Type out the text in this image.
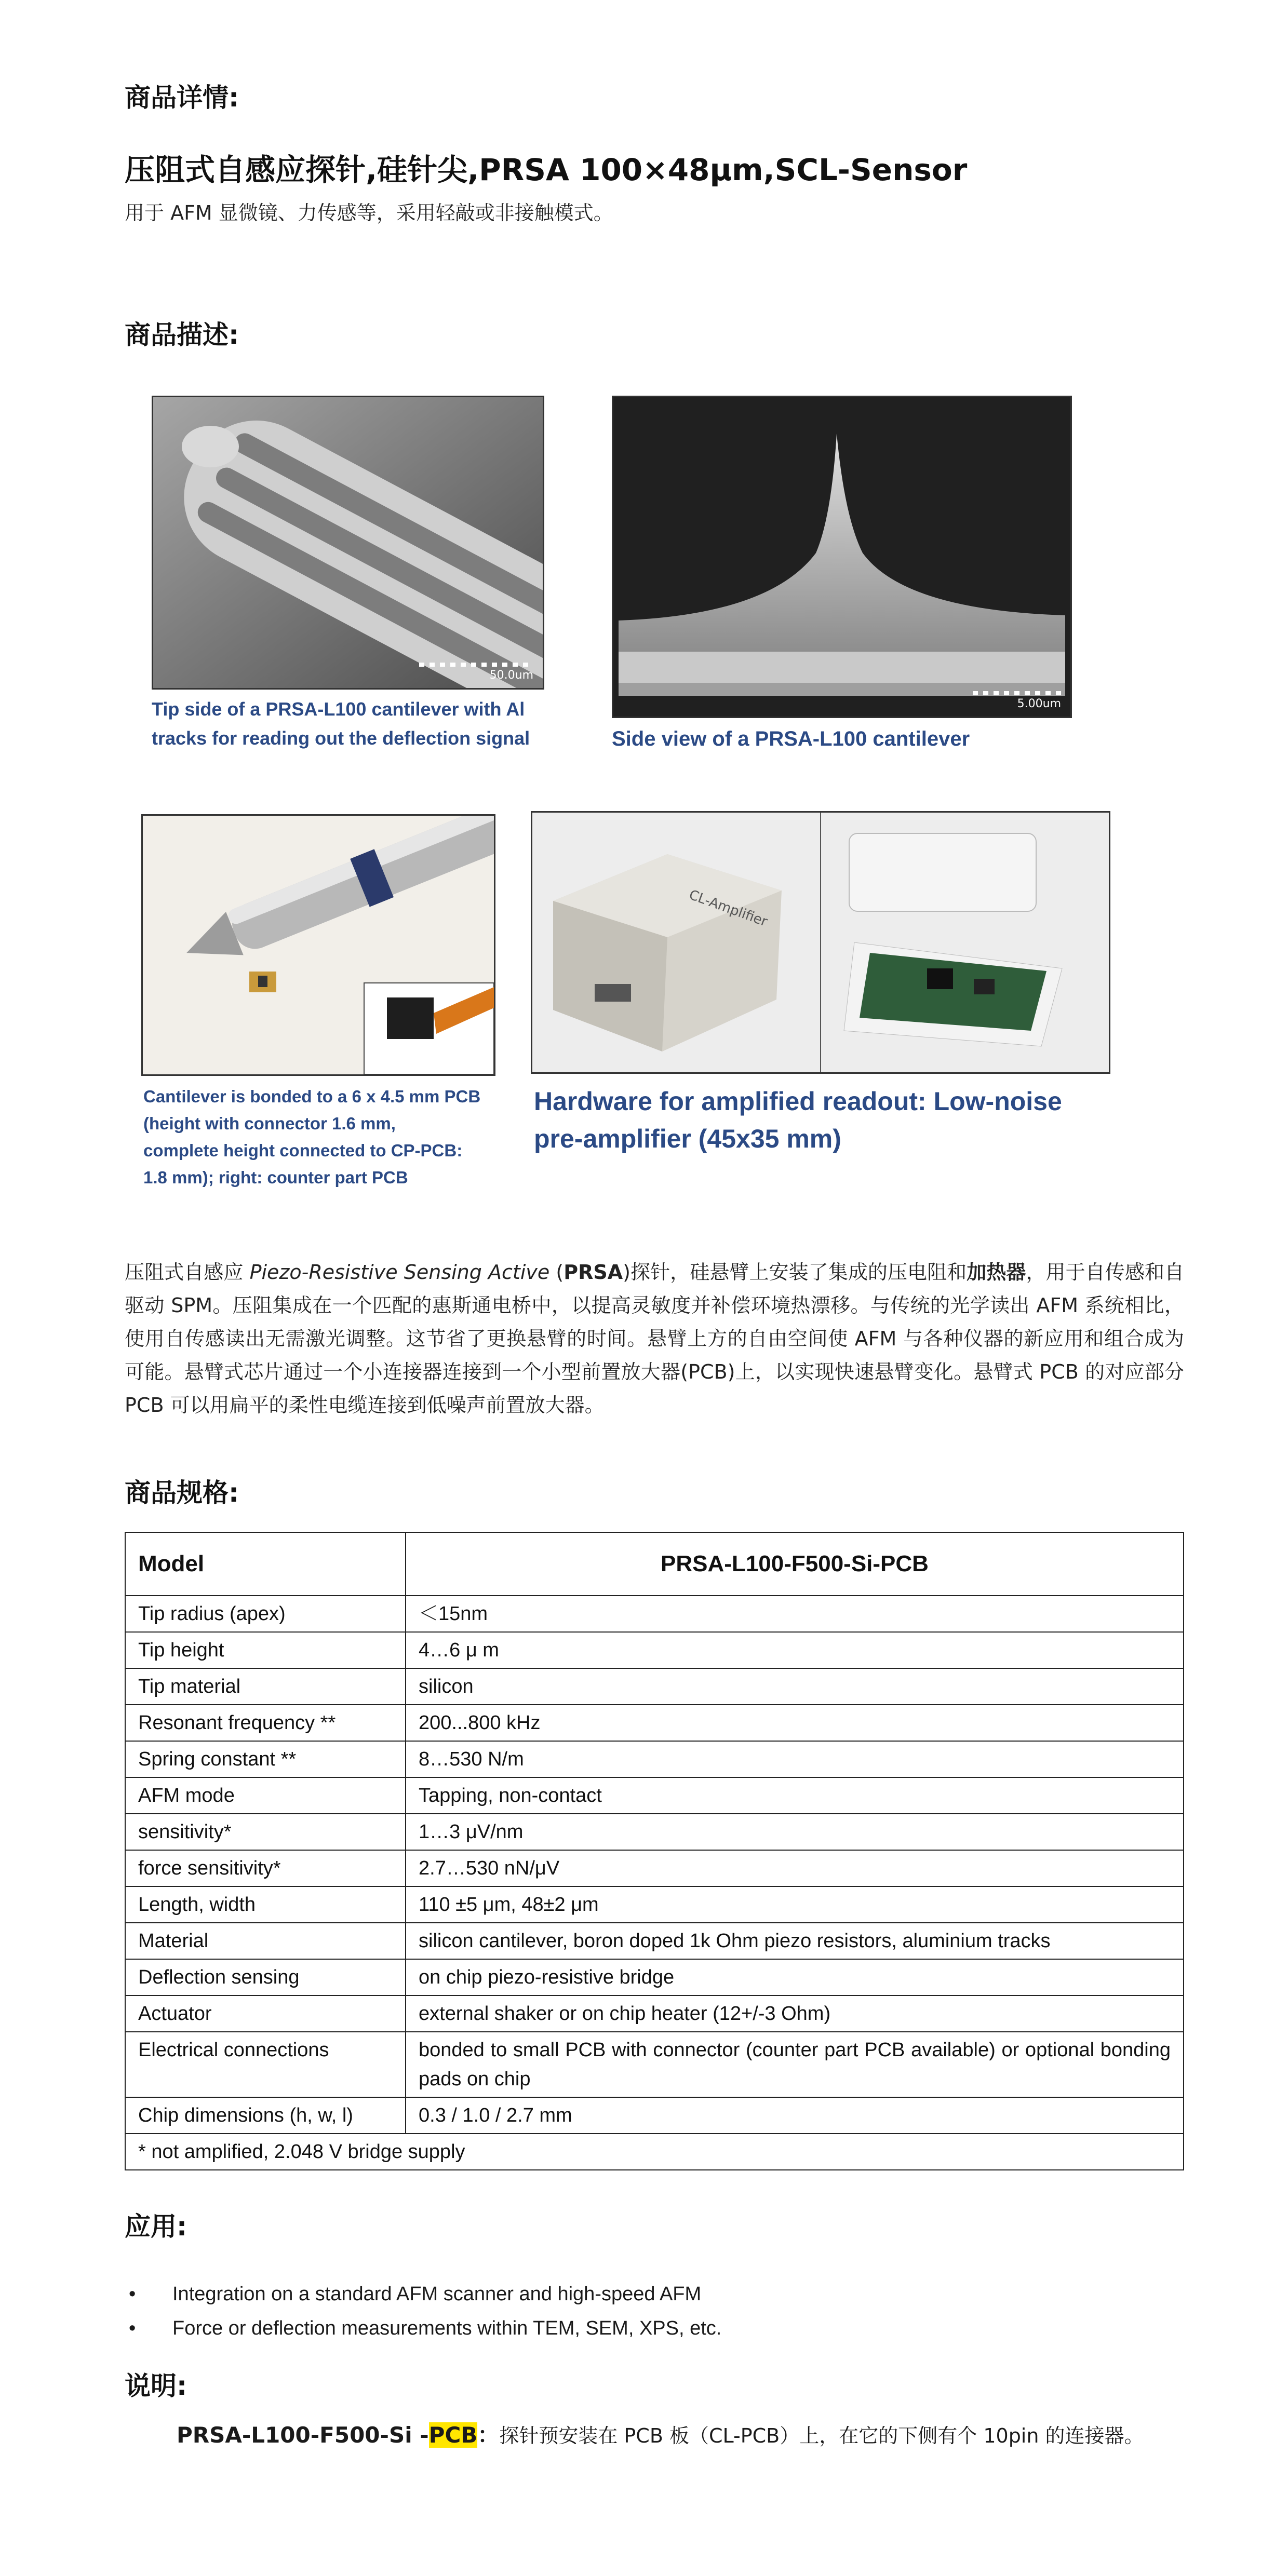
商品详情:
压阻式自感应探针,硅针尖,PRSA 100×48μm,SCL-Sensor
用于 AFM 显微镜、力传感等，采用轻敲或非接触模式。
商品描述:
50.0um
Tip side of a PRSA-L100 cantilever with Al
tracks for reading out the deflection signal
5.00um
Side view of a PRSA-L100 cantilever
Cantilever is bonded to a 6 x 4.5 mm PCB
(height with connector 1.6 mm,
complete height connected to CP-PCB:
1.8 mm); right: counter part PCB
CL-Amplifier
Hardware for amplified readout: Low-noise
pre-amplifier (45x35 mm)
压阻式自感应 Piezo-Resistive Sensing Active (PRSA)探针，硅悬臂上安装了集成的压电阻和加热器，用于自传感和自驱动 SPM。压阻集成在一个匹配的惠斯通电桥中，以提高灵敏度并补偿环境热漂移。与传统的光学读出 AFM 系统相比，使用自传感读出无需激光调整。这节省了更换悬臂的时间。悬臂上方的自由空间使 AFM 与各种仪器的新应用和组合成为可能。悬臂式芯片通过一个小连接器连接到一个小型前置放大器(PCB)上，以实现快速悬臂变化。悬臂式 PCB 的对应部分 PCB 可以用扁平的柔性电缆连接到低噪声前置放大器。
商品规格:
Model	PRSA-L100-F500-Si-PCB
Tip radius (apex)	＜15nm
Tip height	4…6 μ m
Tip material	silicon
Resonant frequency **	200...800 kHz
Spring constant **	8…530 N/m
AFM mode	Tapping, non-contact
sensitivity*	1…3 μV/nm
force sensitivity*	2.7…530 nN/μV
Length, width	110 ±5 μm, 48±2 μm
Material	silicon cantilever, boron doped 1k Ohm piezo resistors, aluminium tracks
Deflection sensing	on chip piezo-resistive bridge
Actuator	external shaker or on chip heater (12+/-3 Ohm)
Electrical connections	bonded to small PCB with connector (counter part PCB available) or optional bonding pads on chip
Chip dimensions (h, w, l)	0.3 / 1.0 / 2.7 mm
* not amplified, 2.048 V bridge supply	
应用:
• Integration on a standard AFM scanner and high-speed AFM
• Force or deflection measurements within TEM, SEM, XPS, etc.
说明:
PRSA-L100-F500-Si -PCB：探针预安装在 PCB 板（CL-PCB）上，在它的下侧有个 10pin 的连接器。
